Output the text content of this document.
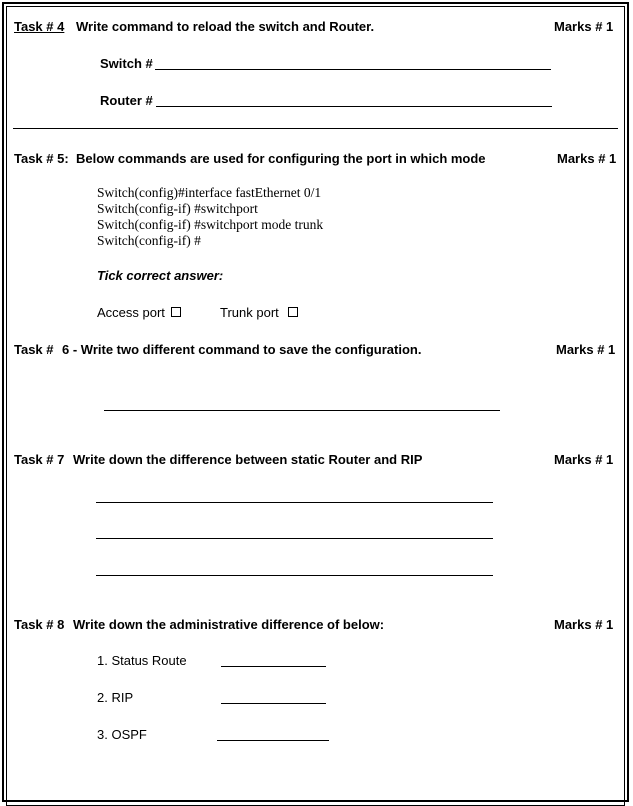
Task # 4 Write command to reload the switch and Router.	Marks # 1
Switch #
Router #
Task # 5: Below commands are used for configuring the port in which mode	Marks # 1
Switch(config)#interface fastEthernet 0/1
Switch(config-if) #switchport
Switch(config-if) #switchport mode trunk
Switch(config-if) #
Tick correct answer:
Access port	Trunk port
Task # 6 - Write two different command to save the configuration.	Marks # 1
Task # 7 Write down the difference between static Router and RIP	Marks # 1
Task # 8 Write down the administrative difference of below:	Marks # 1
1. Status Route
2. RIP
3. OSPF
